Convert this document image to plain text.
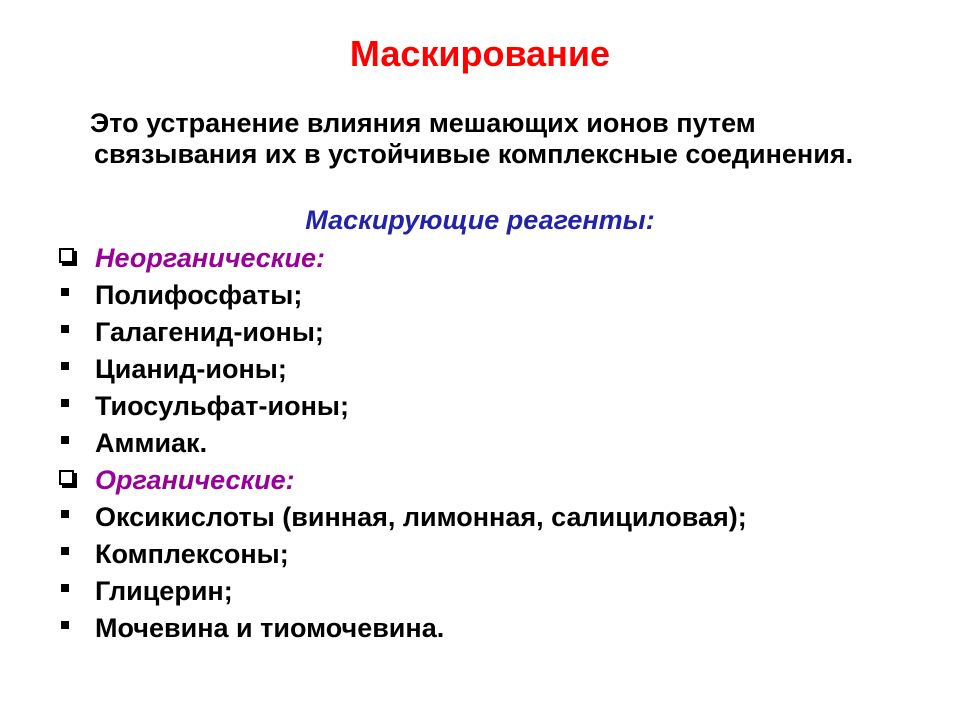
Маскирование
Это устранение влияния мешающих ионов путем связывания их в устойчивые комплексные соединения.
Маскирующие реагенты:
Неорганические:
Полифосфаты;
Галагенид-ионы;
Цианид-ионы;
Тиосульфат-ионы;
Аммиак.
Органические:
Оксикислоты (винная, лимонная, салициловая);
Комплексоны;
Глицерин;
Мочевина и тиомочевина.
